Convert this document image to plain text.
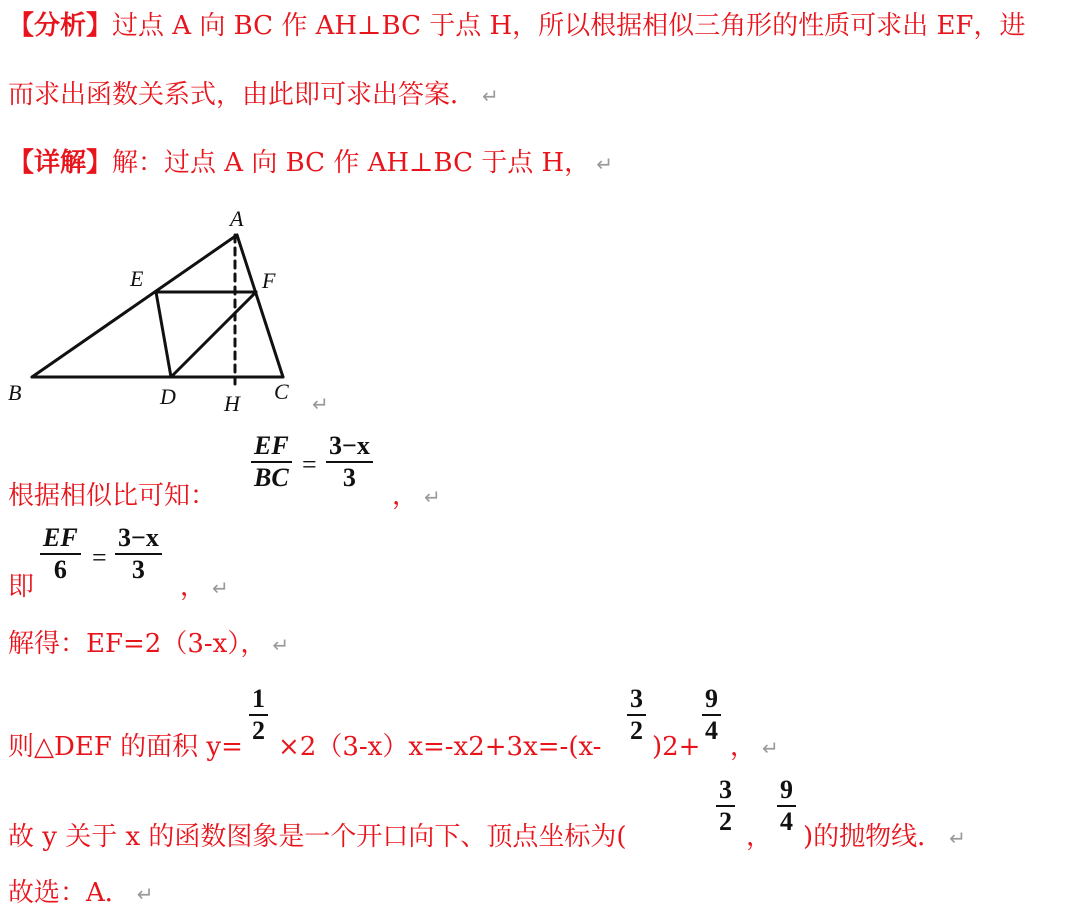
【分析】过点 A 向 BC 作 AH⊥BC 于点 H，所以根据相似三角形的性质可求出 EF，进
而求出函数关系式，由此即可求出答案． ↵
【详解】解：过点 A 向 BC 作 AH⊥BC 于点 H， ↵
A
E	F
B	D H C ↵
根据相似比可知：
EF
BC =
3−x
3
， ↵
即
EF
6 =
3−x
3
， ↵
解得：EF=2（3-x）， ↵
则△DEF 的面积 y=
1
2
×2（3-x）x=-x2+3x=-(x-
3
2
)2+
9
4
， ↵
故 y 关于 x 的函数图象是一个开口向下、顶点坐标为(
3
2
，
9
4
)的抛物线． ↵
故选：A． ↵
